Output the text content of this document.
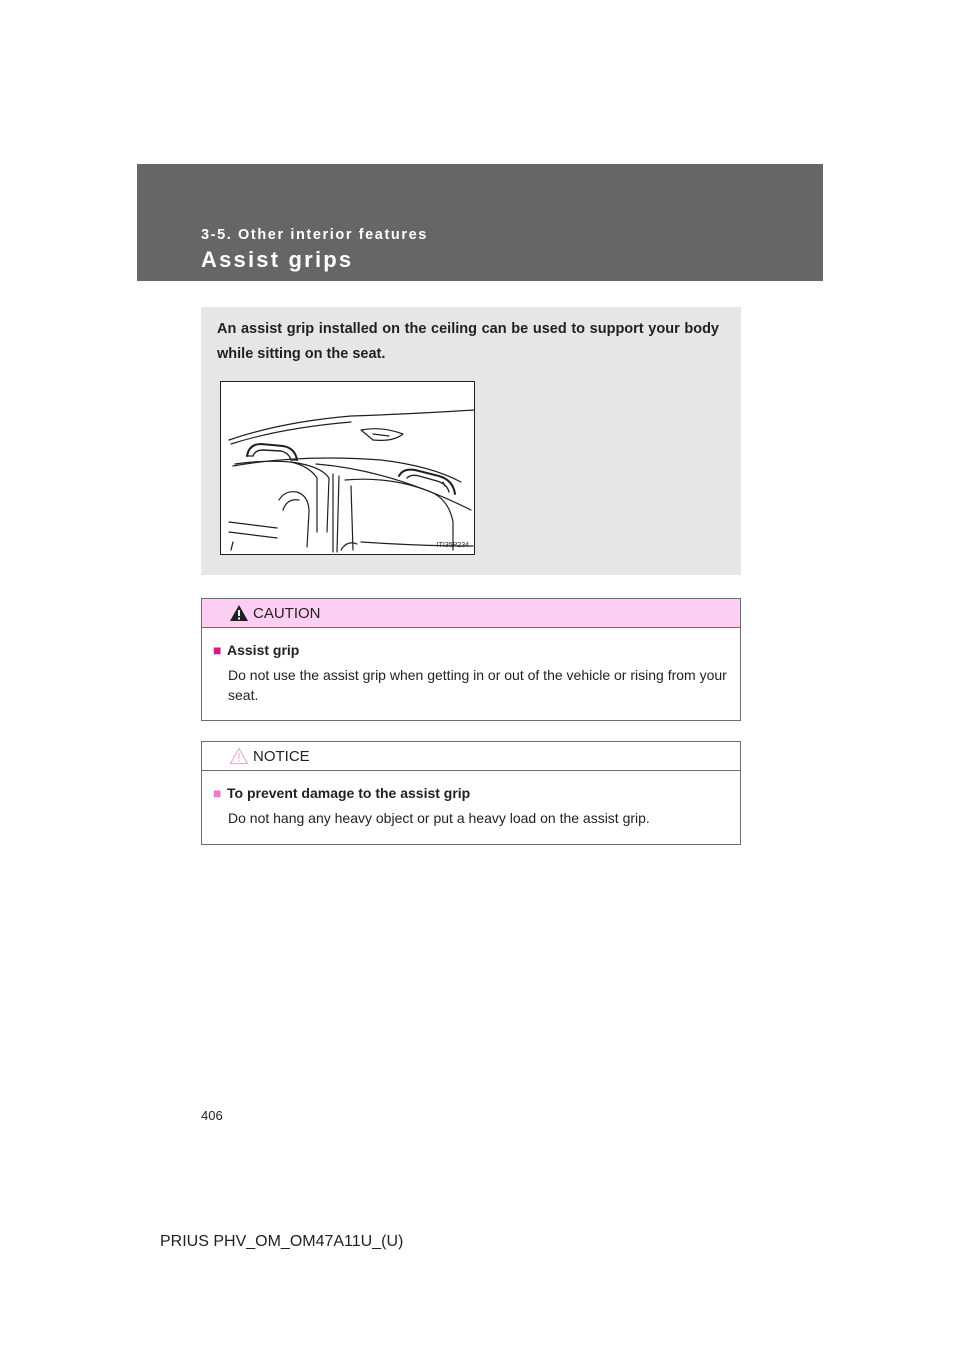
3-5. Other interior features
Assist grips
An assist grip installed on the ceiling can be used to support your body while sitting on the seat.
ITI35P234
CAUTION
■ Assist grip
Do not use the assist grip when getting in or out of the vehicle or rising from your seat.
NOTICE
■ To prevent damage to the assist grip
Do not hang any heavy object or put a heavy load on the assist grip.
406
PRIUS PHV_OM_OM47A11U_(U)
